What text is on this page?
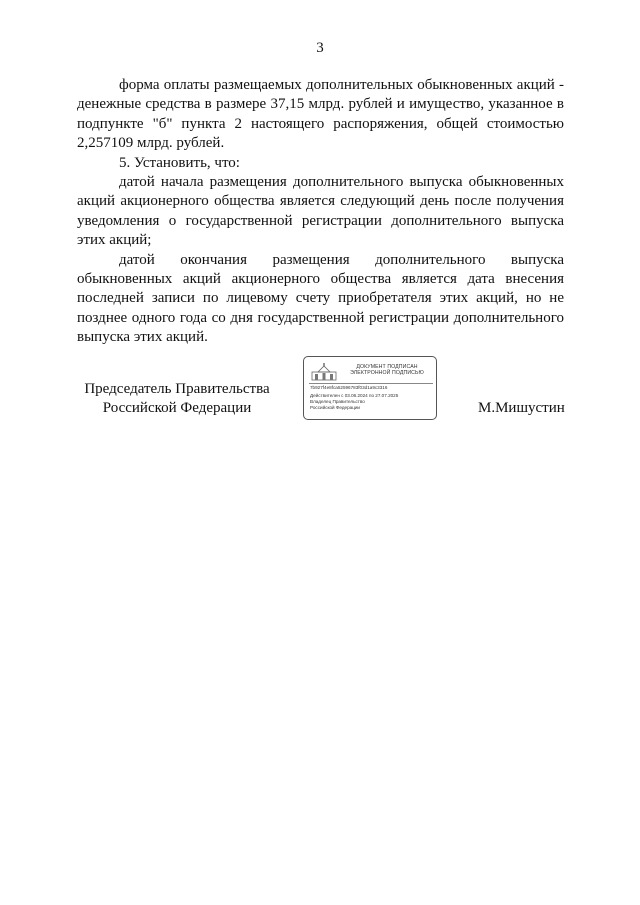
3

форма оплаты размещаемых дополнительных обыкновенных акций - денежные средства в размере 37,15 млрд. рублей и имущество, указанное в подпункте "б" пункта 2 настоящего распоряжения, общей стоимостью 2,257109 млрд. рублей.

5. Установить, что:

датой начала размещения дополнительного выпуска обыкновенных акций акционерного общества является следующий день после получения уведомления о государственной регистрации дополнительного выпуска этих акций;

датой окончания размещения дополнительного выпуска обыкновенных акций акционерного общества является дата внесения последней записи по лицевому счету приобретателя этих акций, но не позднее одного года со дня государственной регистрации дополнительного выпуска этих акций.

Председатель Правительства
Российской Федерации
ДОКУМЕНТ ПОДПИСАН
ЭЛЕКТРОННОЙ ПОДПИСЬЮ
7b927f4e8fca52596783f03d1a9c3316
Действителен с 03.06.2024 по 27.07.2025
Владелец Правительство Российской Федерации	М.Мишустин
